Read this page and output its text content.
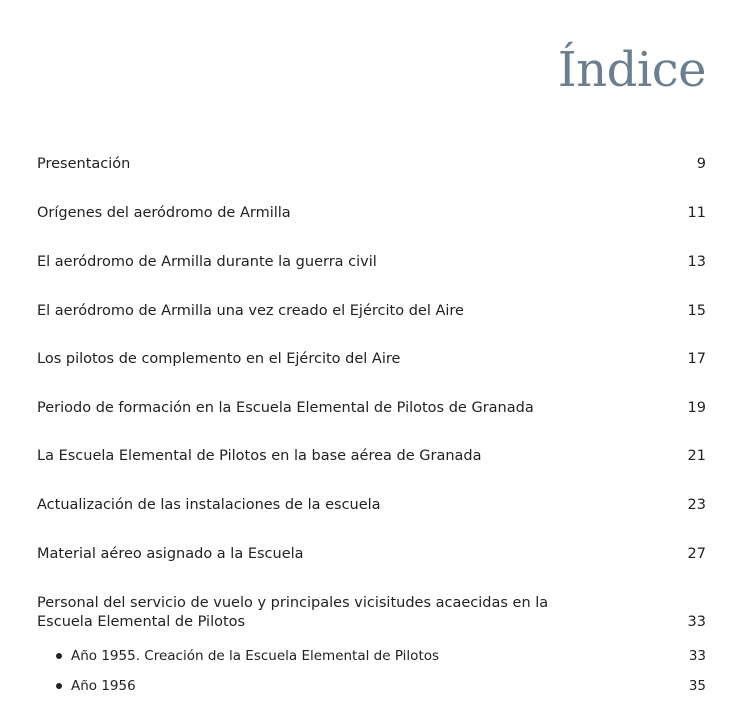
Índice
Presentación	9
Orígenes del aeródromo de Armilla	11
El aeródromo de Armilla durante la guerra civil	13
El aeródromo de Armilla una vez creado el Ejército del Aire	15
Los pilotos de complemento en el Ejército del Aire	17
Periodo de formación en la Escuela Elemental de Pilotos de Granada	19
La Escuela Elemental de Pilotos en la base aérea de Granada	21
Actualización de las instalaciones de la escuela	23
Material aéreo asignado a la Escuela	27
Personal del servicio de vuelo y principales vicisitudes acaecidas en la Escuela Elemental de Pilotos	33
Año 1955. Creación de la Escuela Elemental de Pilotos	33
Año 1956	35
